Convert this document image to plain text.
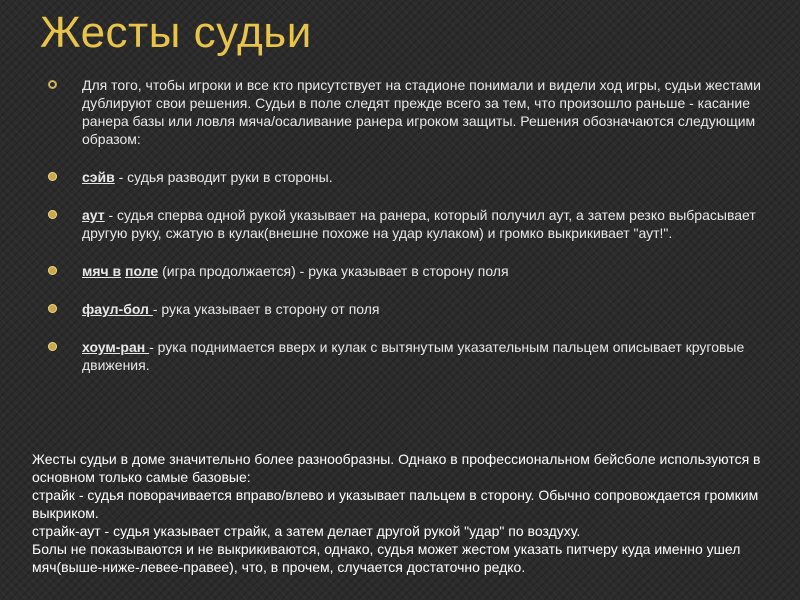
Жесты судьи
Для того, чтобы игроки и все кто присутствует на стадионе понимали и видели ход игры, судьи жестами дублируют свои решения. Судьи в поле следят прежде всего за тем, что произошло раньше - касание ранера базы или ловля мяча/осаливание ранера игроком защиты. Решения обозначаются следующим образом:
сэйв - судья разводит руки в стороны.
аут - судья сперва одной рукой указывает на ранера, который получил аут, а затем резко выбрасывает другую руку, сжатую в кулак(внешне похоже на удар кулаком) и громко выкрикивает "аут!".
мяч в поле (игра продолжается) - рука указывает в сторону поля
фаул-бол - рука указывает в сторону от поля
хоум-ран - рука поднимается вверх и кулак с вытянутым указательным пальцем описывает круговые движения.

Жесты судьи в доме значительно более разнообразны. Однако в профессиональном бейсболе используются в основном только самые базовые:

страйк - судья поворачивается вправо/влево и указывает пальцем в сторону. Обычно сопровождается громким выкриком.

страйк-аут - судья указывает страйк, а затем делает другой рукой "удар" по воздуху.

Болы не показываются и не выкрикиваются, однако, судья может жестом указать питчеру куда именно ушел мяч(выше-ниже-левее-правее), что, в прочем, случается достаточно редко.
